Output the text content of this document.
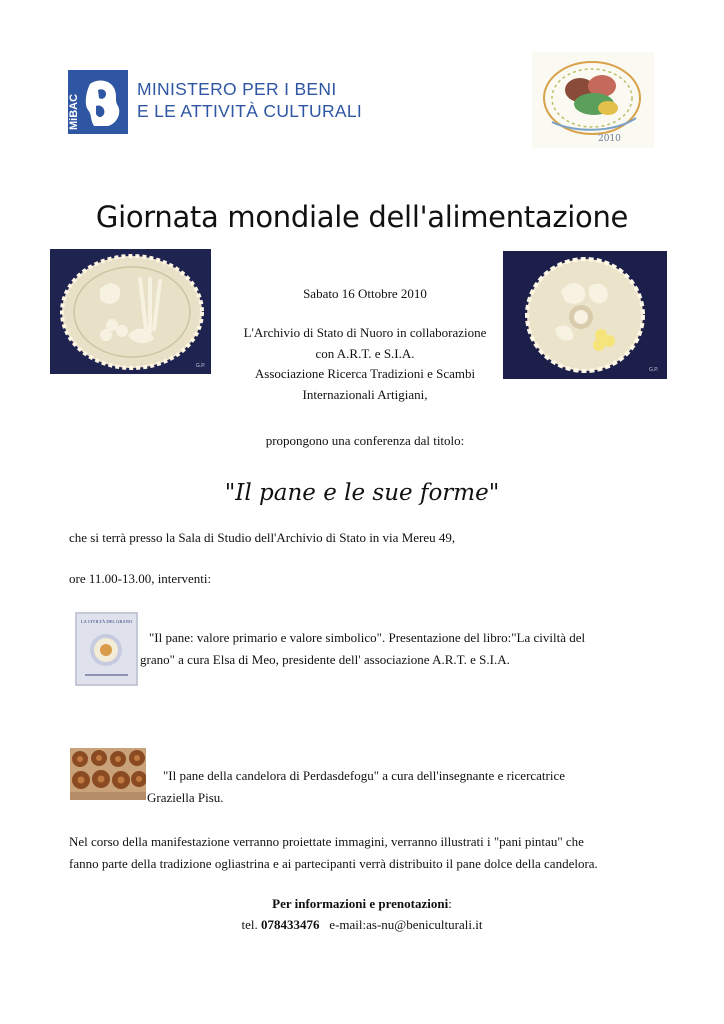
MiBAC
MINISTERO PER I BENI
E LE ATTIVITÀ CULTURALI
2010
Giornata mondiale dell'alimentazione
G.P.
G.P.
Sabato 16 Ottobre 2010
L'Archivio di Stato di Nuoro in collaborazione
con A.R.T. e S.I.A.
Associazione Ricerca Tradizioni e Scambi
Internazionali Artigiani,
propongono una conferenza dal titolo:
"Il pane e le sue forme"
che si terrà presso la Sala di Studio dell'Archivio di Stato in via Mereu 49,
ore 11.00-13.00, interventi:
LA CIVILTÀ DEL GRANO
"Il pane: valore primario e valore simbolico". Presentazione del libro:"La civiltà del
grano" a cura Elsa di Meo, presidente dell' associazione A.R.T. e S.I.A.
"Il pane della candelora di Perdasdefogu" a cura dell'insegnante e ricercatrice
Graziella Pisu.
Nel corso della manifestazione verranno proiettate immagini, verranno illustrati i "pani pintau" che
fanno parte della tradizione ogliastrina e ai partecipanti verrà distribuito il pane dolce della candelora.
Per informazioni e prenotazioni:
tel. 078433476 e-mail:as-nu@beniculturali.it
